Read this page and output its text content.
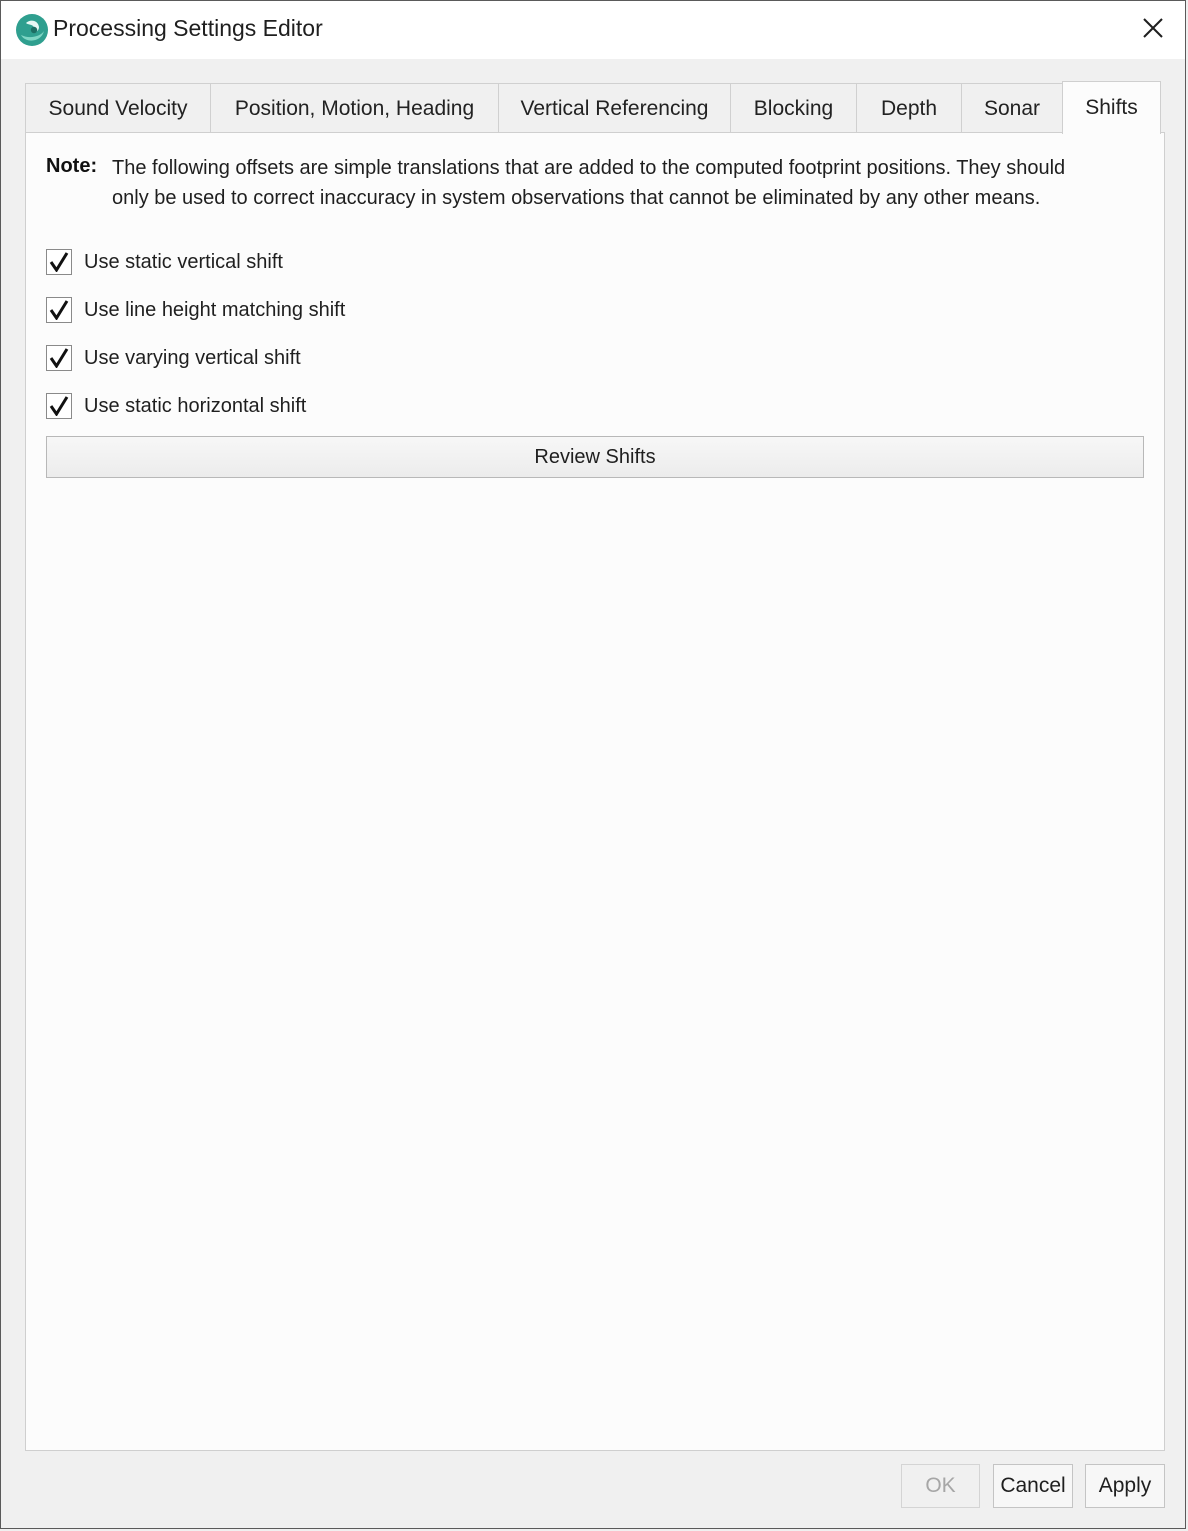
Processing Settings Editor
Sound Velocity	Position, Motion, Heading	Vertical Referencing	Blocking	Depth	Sonar	Shifts
Note: The following offsets are simple translations that are added to the computed footprint positions. They should
only be used to correct inaccuracy in system observations that cannot be eliminated by any other means.
Use static vertical shift
Use line height matching shift
Use varying vertical shift
Use static horizontal shift
Review Shifts
OK	Cancel	Apply
